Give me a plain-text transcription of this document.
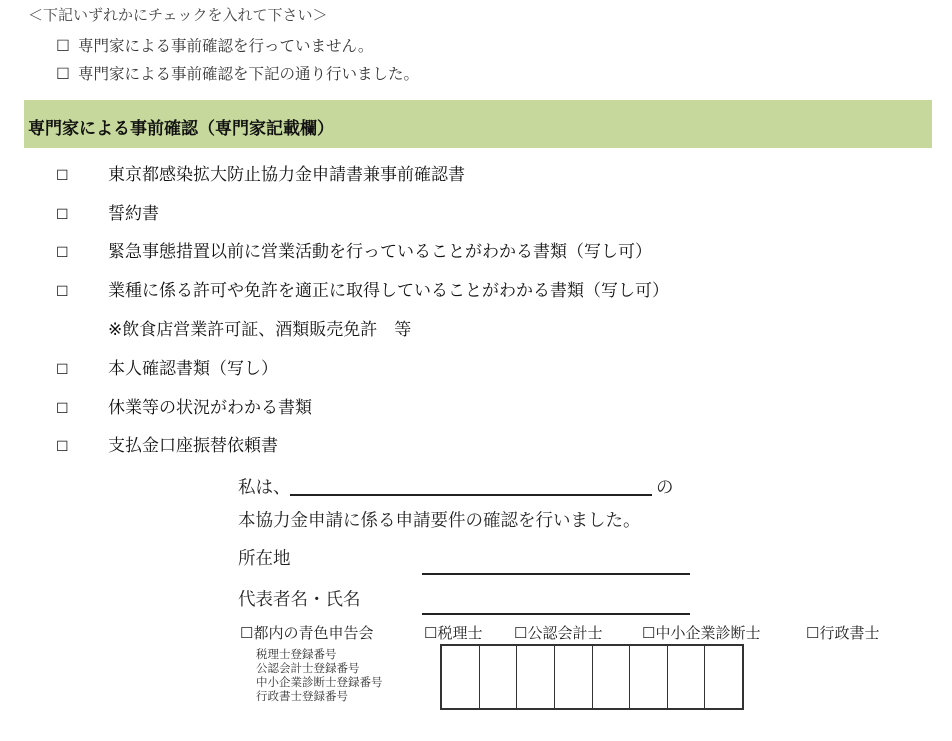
＜下記いずれかにチェックを入れて下さい＞
☐ 専門家による事前確認を行っていません。
☐ 専門家による事前確認を下記の通り行いました。
専門家による事前確認（専門家記載欄）
☐ 東京都感染拡大防止協力金申請書兼事前確認書
☐ 誓約書
☐ 緊急事態措置以前に営業活動を行っていることがわかる書類（写し可）
☐ 業種に係る許可や免許を適正に取得していることがわかる書類（写し可）
※飲食店営業許可証、酒類販売免許　等
☐ 本人確認書類（写し）
☐ 休業等の状況がわかる書類
☐ 支払金口座振替依頼書
私は、	の
本協力金申請に係る申請要件の確認を行いました。
所在地
代表者名・氏名
☐都内の青色申告会	☐税理士 ☐公認会計士	☐中小企業診断士	☐行政書士
税理士登録番号
公認会計士登録番号
中小企業診断士登録番号
行政書士登録番号
